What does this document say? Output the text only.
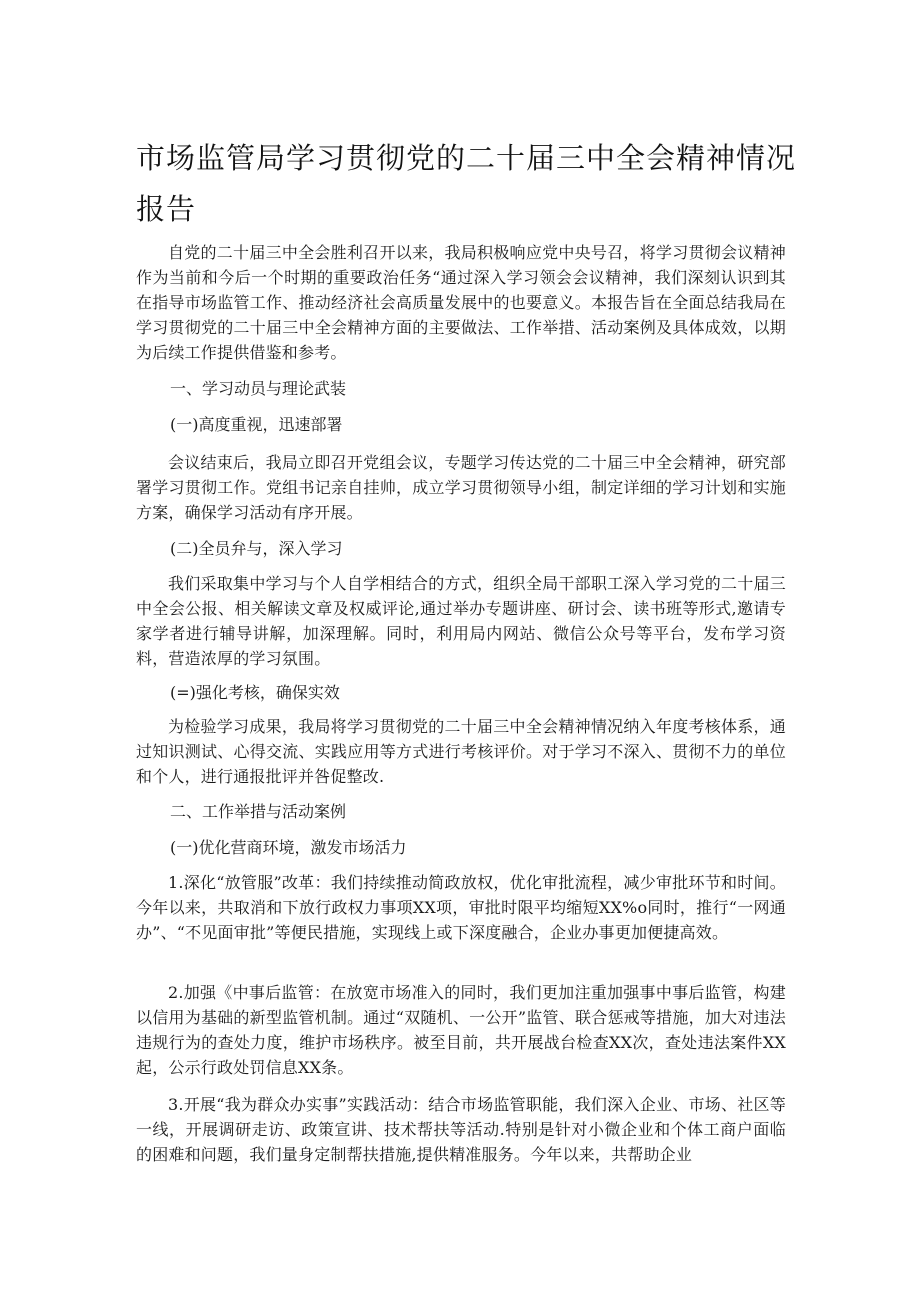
市场监管局学习贯彻党的二十届三中全会精神情况
报告

自党的二十届三中全会胜利召开以来，我局积极响应党中央号召，将学习贯彻会议精神作为当前和今后一个时期的重要政治任务“通过深入学习领会会议精神，我们深刻认识到其在指导市场监管工作、推动经济社会高质量发展中的也要意义。本报告旨在全面总结我局在学习贯彻党的二十届三中全会精神方面的主要做法、工作举措、活动案例及具体成效，以期为后续工作提供借鉴和参考。

一、学习动员与理论武装

(一)高度重视，迅速部署

会议结束后，我局立即召开党组会议，专题学习传达党的二十届三中全会精神，研究部署学习贯彻工作。党组书记亲自挂帅，成立学习贯彻领导小组，制定详细的学习计划和实施方案，确保学习活动有序开展。

(二)全员弁与，深入学习

我们采取集中学习与个人自学相结合的方式，组织全局干部职工深入学习党的二十届三中全会公报、相关解读文章及权威评论,通过举办专题讲座、研讨会、读书班等形式,邀请专家学者进行辅导讲解，加深理解。同时，利用局内网站、微信公众号等平台，发布学习资料，营造浓厚的学习氛围。

(=)强化考核，确保实效

为检验学习成果，我局将学习贯彻党的二十届三中全会精神情况纳入年度考核体系，通过知识测试、心得交流、实践应用等方式进行考核评价。对于学习不深入、贯彻不力的单位和个人，进行通报批评并咎促整改.

二、工作举措与活动案例

(一)优化营商环境，激发市场活力

1.深化“放管服”改革：我们持续推动简政放权，优化审批流程，减少审批环节和时间。今年以来，共取消和下放行政权力事项XX项，审批时限平均缩短XX%o同时，推行“一网通办”、“不见面审批”等便民措施，实现线上或下深度融合，企业办事更加便捷高效。

2.加强《中事后监管：在放宽市场准入的同时，我们更加注重加强事中事后监管，构建以信用为基础的新型监管机制。通过“双随机、一公开”监管、联合惩戒等措施，加大对违法违规行为的查处力度，维护市场秩序。被至目前，共开展战台检查XX次，查处违法案件XX起，公示行政处罚信息XX条。

3.开展“我为群众办实事”实践活动：结合市场监管职能，我们深入企业、市场、社区等一线，开展调研走访、政策宣讲、技术帮扶等活动.特别是针对小微企业和个体工商户面临的困难和问题，我们量身定制帮扶措施,提供精准服务。今年以来，共帮助企业
